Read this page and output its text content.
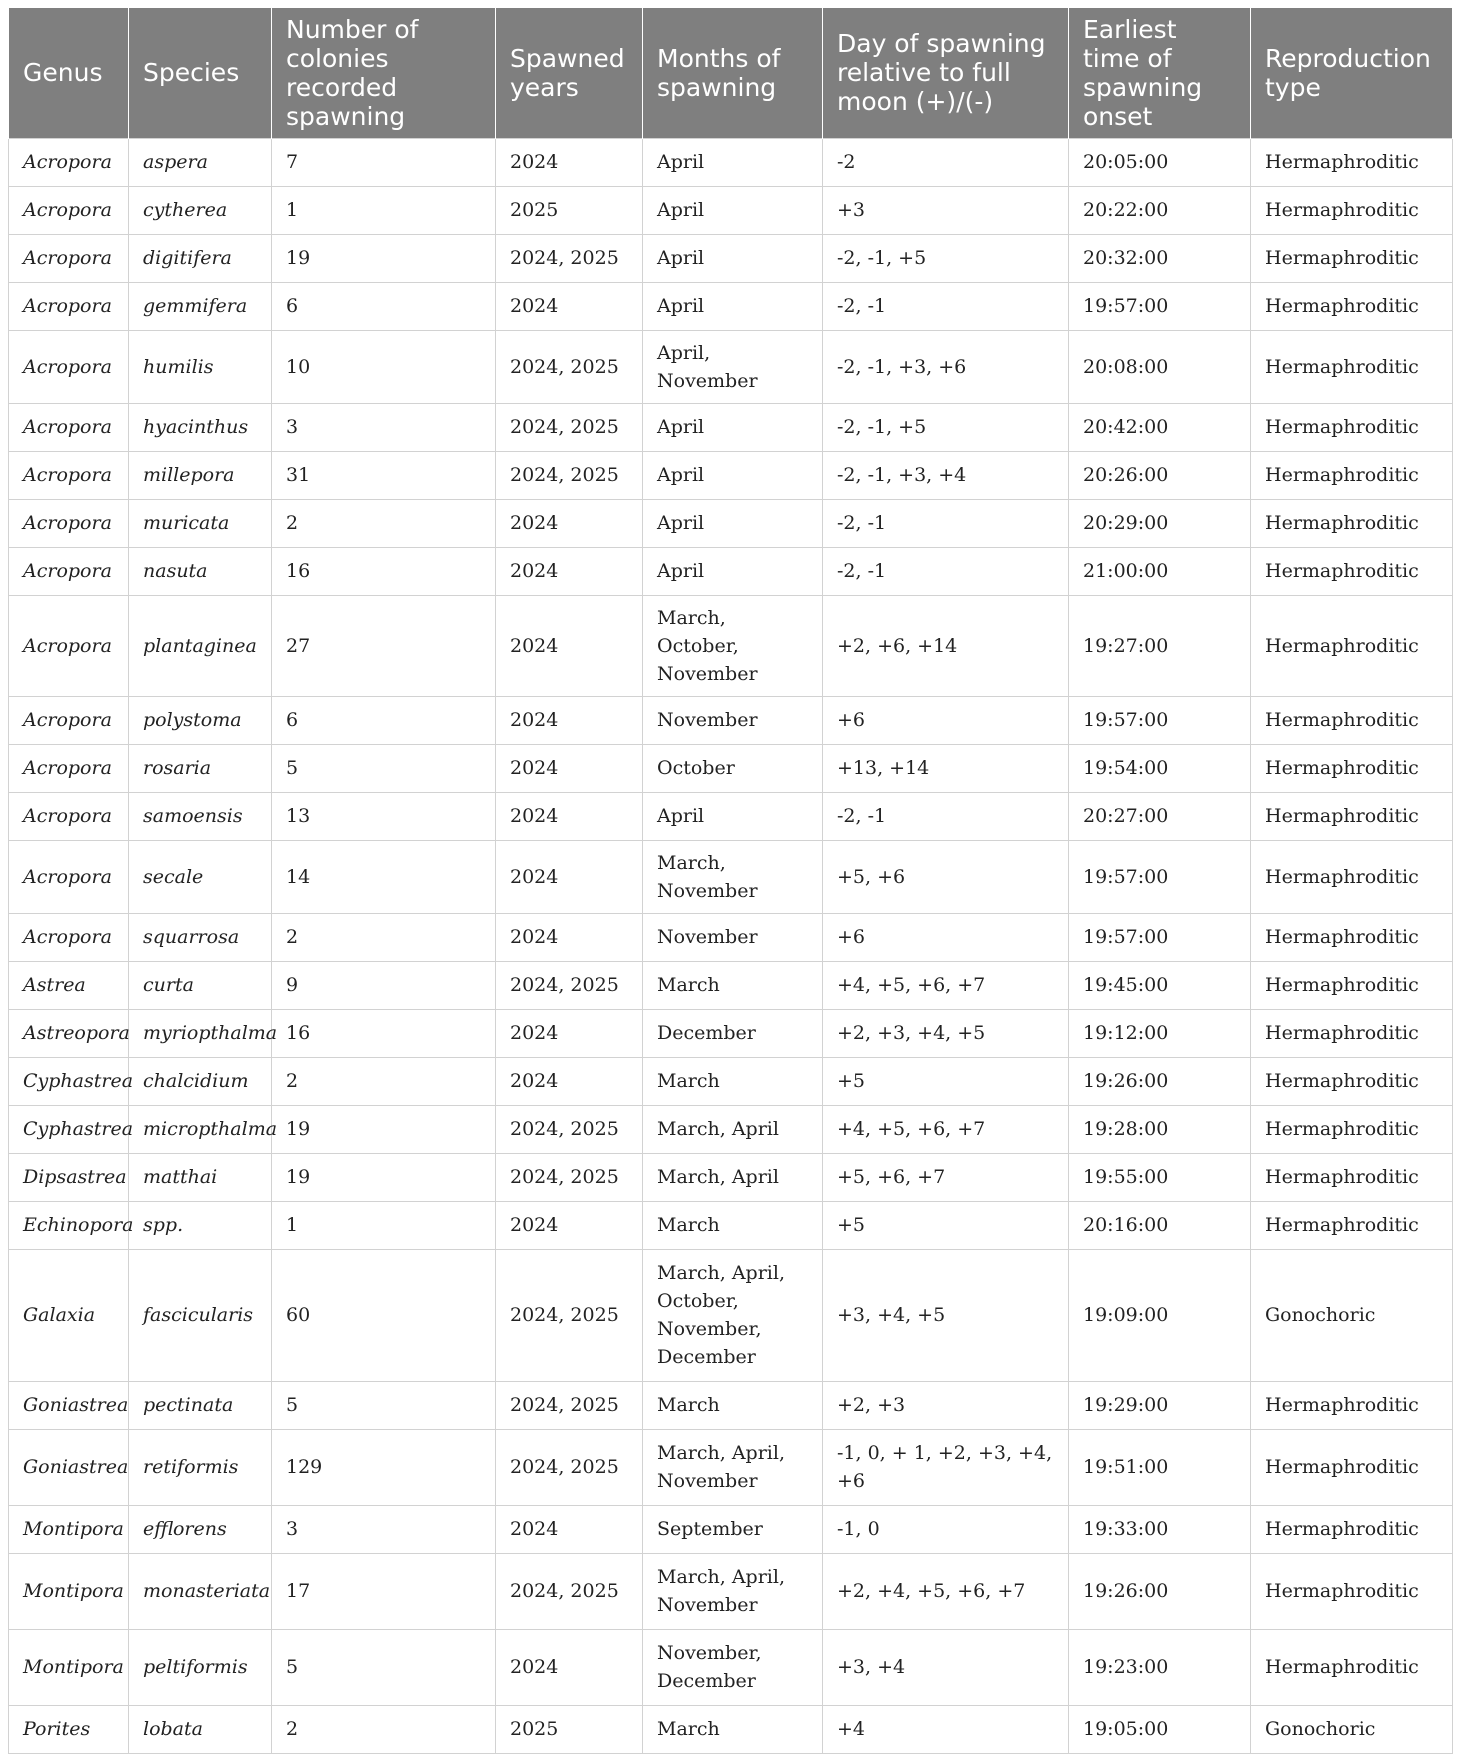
Genus	Species	Number of colonies recorded spawning	Spawned years	Months of spawning	Day of spawning relative to full moon (+)/(-)	Earliest time of spawning onset	Reproduction type
Acropora	aspera	7	2024	April	-2	20:05:00	Hermaphroditic
Acropora	cytherea	1	2025	April	+3	20:22:00	Hermaphroditic
Acropora	digitifera	19	2024, 2025	April	-2, -1, +5	20:32:00	Hermaphroditic
Acropora	gemmifera	6	2024	April	-2, -1	19:57:00	Hermaphroditic
Acropora	humilis	10	2024, 2025	April, November	-2, -1, +3, +6	20:08:00	Hermaphroditic
Acropora	hyacinthus	3	2024, 2025	April	-2, -1, +5	20:42:00	Hermaphroditic
Acropora	millepora	31	2024, 2025	April	-2, -1, +3, +4	20:26:00	Hermaphroditic
Acropora	muricata	2	2024	April	-2, -1	20:29:00	Hermaphroditic
Acropora	nasuta	16	2024	April	-2, -1	21:00:00	Hermaphroditic
Acropora	plantaginea	27	2024	March, October, November	+2, +6, +14	19:27:00	Hermaphroditic
Acropora	polystoma	6	2024	November	+6	19:57:00	Hermaphroditic
Acropora	rosaria	5	2024	October	+13, +14	19:54:00	Hermaphroditic
Acropora	samoensis	13	2024	April	-2, -1	20:27:00	Hermaphroditic
Acropora	secale	14	2024	March, November	+5, +6	19:57:00	Hermaphroditic
Acropora	squarrosa	2	2024	November	+6	19:57:00	Hermaphroditic
Astrea	curta	9	2024, 2025	March	+4, +5, +6, +7	19:45:00	Hermaphroditic
Astreopora	myriopthalma	16	2024	December	+2, +3, +4, +5	19:12:00	Hermaphroditic
Cyphastrea	chalcidium	2	2024	March	+5	19:26:00	Hermaphroditic
Cyphastrea	micropthalma	19	2024, 2025	March, April	+4, +5, +6, +7	19:28:00	Hermaphroditic
Dipsastrea	matthai	19	2024, 2025	March, April	+5, +6, +7	19:55:00	Hermaphroditic
Echinopora	spp.	1	2024	March	+5	20:16:00	Hermaphroditic
Galaxia	fascicularis	60	2024, 2025	March, April, October, November, December	+3, +4, +5	19:09:00	Gonochoric
Goniastrea	pectinata	5	2024, 2025	March	+2, +3	19:29:00	Hermaphroditic
Goniastrea	retiformis	129	2024, 2025	March, April, November	-1, 0, + 1, +2, +3, +4, +6	19:51:00	Hermaphroditic
Montipora	efflorens	3	2024	September	-1, 0	19:33:00	Hermaphroditic
Montipora	monasteriata	17	2024, 2025	March, April, November	+2, +4, +5, +6, +7	19:26:00	Hermaphroditic
Montipora	peltiformis	5	2024	November, December	+3, +4	19:23:00	Hermaphroditic
Porites	lobata	2	2025	March	+4	19:05:00	Gonochoric
